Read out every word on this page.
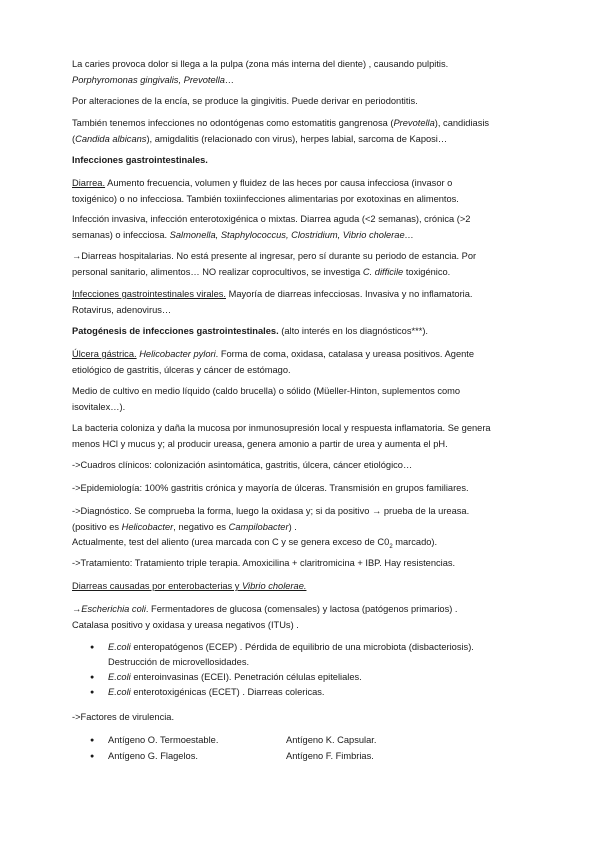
La caries provoca dolor si llega a la pulpa (zona más interna del diente) , causando pulpitis.
Porphyromonas gingivalis, Prevotella…

Por alteraciones de la encía, se produce la gingivitis. Puede derivar en periodontitis.

También tenemos infecciones no odontógenas como estomatitis gangrenosa (Prevotella), candidiasis
(Candida albicans), amigdalitis (relacionado con virus), herpes labial, sarcoma de Kaposi…

Infecciones gastrointestinales.

Diarrea. Aumento frecuencia, volumen y fluidez de las heces por causa infecciosa (invasor o
toxigénico) o no infecciosa. También toxiinfecciones alimentarias por exotoxinas en alimentos.

Infección invasiva, infección enterotoxigénica o mixtas. Diarrea aguda (<2 semanas), crónica (>2
semanas) o infecciosa. Salmonella, Staphylococcus, Clostridium, Vibrio cholerae…

→Diarreas hospitalarias. No está presente al ingresar, pero sí durante su periodo de estancia. Por
personal sanitario, alimentos… NO realizar coprocultivos, se investiga C. difficile toxigénico.

Infecciones gastrointestinales virales. Mayoría de diarreas infecciosas. Invasiva y no inflamatoria.
Rotavirus, adenovirus…

Patogénesis de infecciones gastrointestinales. (alto interés en los diagnósticos***).

Úlcera gástrica. Helicobacter pylori. Forma de coma, oxidasa, catalasa y ureasa positivos. Agente
etiológico de gastritis, úlceras y cáncer de estómago.

Medio de cultivo en medio líquido (caldo brucella) o sólido (Müeller-Hinton, suplementos como
isovitalex…).

La bacteria coloniza y daña la mucosa por inmunosupresión local y respuesta inflamatoria. Se genera
menos HCl y mucus y; al producir ureasa, genera amonio a partir de urea y aumenta el pH.

->Cuadros clínicos: colonización asintomática, gastritis, úlcera, cáncer etiológico…

->Epidemiología: 100% gastritis crónica y mayoría de úlceras. Transmisión en grupos familiares.

->Diagnóstico. Se comprueba la forma, luego la oxidasa y; si da positivo → prueba de la ureasa.
(positivo es Helicobacter, negativo es Campilobacter) .
Actualmente, test del aliento (urea marcada con C y se genera exceso de $C0_2$ marcado).

->Tratamiento: Tratamiento triple terapia. Amoxicilina + claritromicina + IBP. Hay resistencias.

Diarreas causadas por enterobacterias y Vibrio cholerae.

→Escherichia coli. Fermentadores de glucosa (comensales) y lactosa (patógenos primarios) .
Catalasa positivo y oxidasa y ureasa negativos (ITUs) .

● E.coli enteropatógenos (ECEP) . Pérdida de equilibrio de una microbiota (disbacteriosis).
Destrucción de microvellosidades.
● E.coli enteroinvasinas (ECEI). Penetración células epiteliales.
● E.coli enterotoxigénicas (ECET) . Diarreas colericas.

->Factores de virulencia.

● Antígeno O. Termoestable.	Antígeno K. Capsular.
● Antígeno G. Flagelos.	Antígeno F. Fimbrias.
